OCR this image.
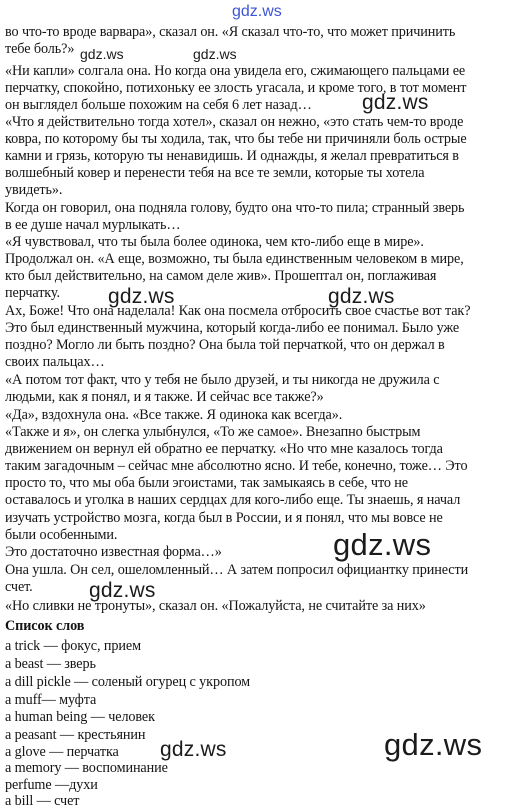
gdz.ws
во что-то вроде варвара», сказал он. «Я сказал что-то, что может причинить
тебе боль?»
«Ни капли» солгала она. Но когда она увидела его, сжимающего пальцами ее
перчатку, спокойно, потихоньку ее злость угасала, и кроме того, в тот момент
он выглядел больше похожим на себя 6 лет назад…
«Что я действительно тогда хотел», сказал он нежно, «это стать чем-то вроде
ковра, по которому бы ты ходила, так, что бы тебе ни причиняли боль острые
камни и грязь, которую ты ненавидишь. И однажды, я желал превратиться в
волшебный ковер и перенести тебя на все те земли, которые ты хотела
увидеть».
Когда он говорил, она подняла голову, будто она что-то пила; странный зверь
в ее душе начал мурлыкать…
«Я чувствовал, что ты была более одинока, чем кто-либо еще в мире».
Продолжал он. «А еще, возможно, ты была единственным человеком в мире,
кто был действительно, на самом деле жив». Прошептал он, поглаживая
перчатку.
Ах, Боже! Что она наделала! Как она посмела отбросить свое счастье вот так?
Это был единственный мужчина, который когда-либо ее понимал. Было уже
поздно? Могло ли быть поздно? Она была той перчаткой, что он держал в
своих пальцах…
«А потом тот факт, что у тебя не было друзей, и ты никогда не дружила с
людьми, как я понял, и я также. И сейчас все также?»
«Да», вздохнула она. «Все также. Я одинока как всегда».
«Также и я», он слегка улыбнулся, «То же самое». Внезапно быстрым
движением он вернул ей обратно ее перчатку. «Но что мне казалось тогда
таким загадочным – сейчас мне абсолютно ясно. И тебе, конечно, тоже… Это
просто то, что мы оба были эгоистами, так замыкаясь в себе, что не
оставалось и уголка в наших сердцах для кого-либо еще. Ты знаешь, я начал
изучать устройство мозга, когда был в России, и я понял, что мы вовсе не
были особенными.
Это достаточно известная форма…»
Она ушла. Он сел, ошеломленный… А затем попросил официантку принести
счет.
«Но сливки не тронуты», сказал он. «Пожалуйста, не считайте за них»
Список слов
a trick — фокус, прием
a beast — зверь
a dill pickle — соленый огурец с укропом
a muff— муфта
a human being — человек
a peasant — крестьянин
a glove — перчатка
a memory — воспоминание
perfume —духи
a bill — счет
gdz.ws	gdz.ws
gdz.ws
gdz.ws	gdz.ws
gdz.ws
gdz.ws
gdz.ws	gdz.ws
